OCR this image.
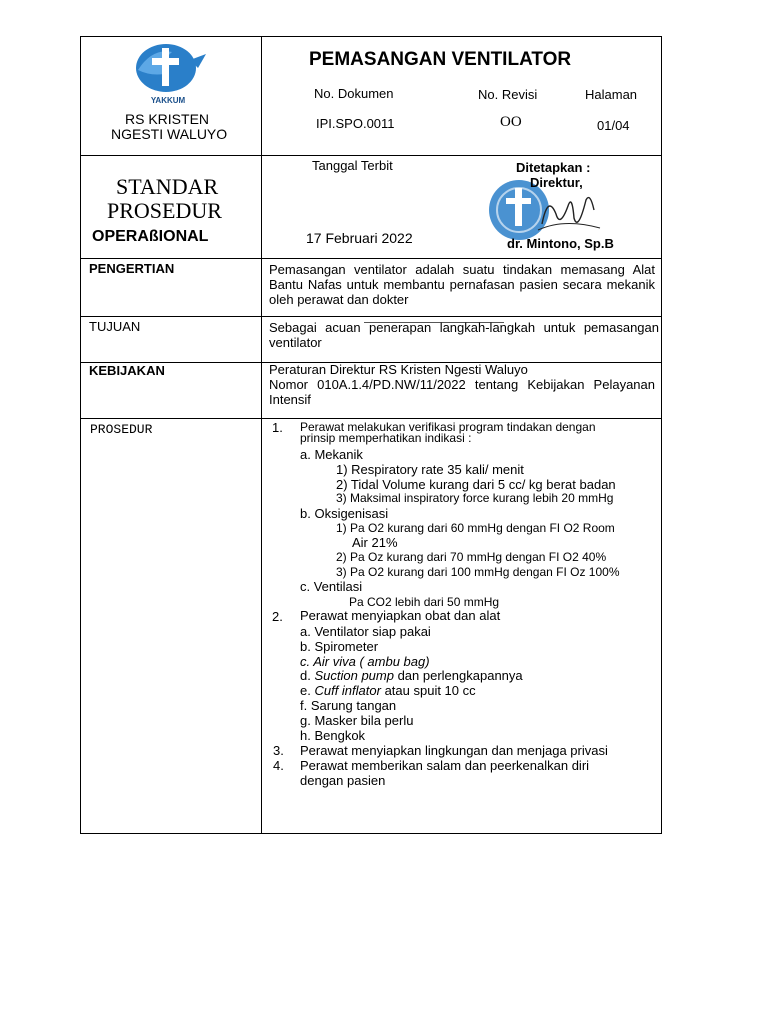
YAKKUM
RS KRISTEN
NGESTI WALUYO
PEMASANGAN VENTILATOR
No. Dokumen	No. Revisi	Halaman
IPI.SPO.0011	OO	01/04
STANDAR
PROSEDUR
OPERAßIONAL
Tanggal Terbit
17 Februari 2022
Ditetapkan :
Direktur,
dr. Mintono, Sp.B
PENGERTIAN	Pemasangan ventilator adalah suatu tindakan memasang Alat Bantu Nafas untuk membantu pernafasan pasien secara mekanik oleh perawat dan dokter
TUJUAN	Sebagai acuan penerapan langkah-langkah untuk pemasangan ventilator
KEBIJAKAN	Peraturan Direktur RS Kristen Ngesti Waluyo
Nomor 010A.1.4/PD.NW/11/2022 tentang Kebijakan Pelayanan Intensif
PROSEDUR	1. Perawat melakukan verifikasi program tindakan dengan
prinsip memperhatikan indikasi :
a. Mekanik
1) Respiratory rate 35 kali/ menit
2) Tidal Volume kurang dari 5 cc/ kg berat badan
3) Maksimal inspiratory force kurang lebih 20 mmHg
b. Oksigenisasi
1) Pa O2 kurang dari 60 mmHg dengan FI O2 Room
Air 21%
2) Pa Oz kurang dari 70 mmHg dengan FI O2 40%
3) Pa O2 kurang dari 100 mmHg dengan FI Oz 100%
c. Ventilasi
Pa CO2 lebih dari 50 mmHg
2. Perawat menyiapkan obat dan alat
a. Ventilator siap pakai
b. Spirometer
c. Air viva ( ambu bag)
d. Suction pump dan perlengkapannya
e. Cuff inflator atau spuit 10 cc
f. Sarung tangan
g. Masker bila perlu
h. Bengkok
3. Perawat menyiapkan lingkungan dan menjaga privasi
4. Perawat memberikan salam dan peerkenalkan diri
dengan pasien
